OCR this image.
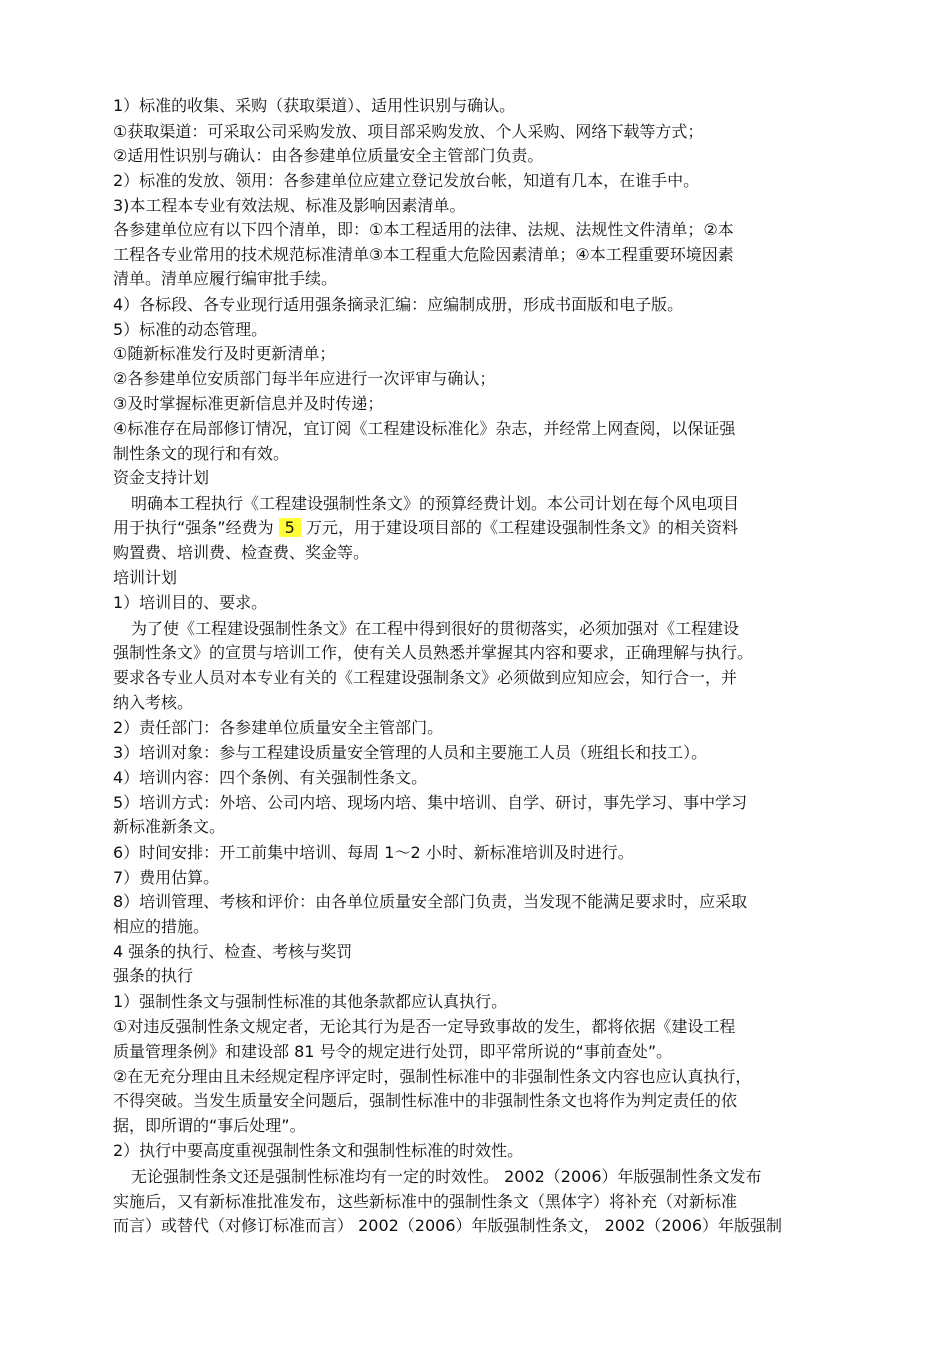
1）标准的收集、采购（获取渠道）、适用性识别与确认。
①获取渠道：可采取公司采购发放、项目部采购发放、个人采购、网络下载等方式；
②适用性识别与确认：由各参建单位质量安全主管部门负责。
2）标准的发放、领用：各参建单位应建立登记发放台帐，知道有几本，在谁手中。
3)本工程本专业有效法规、标准及影响因素清单。
各参建单位应有以下四个清单，即：①本工程适用的法律、法规、法规性文件清单；②本
工程各专业常用的技术规范标准清单③本工程重大危险因素清单；④本工程重要环境因素
清单。清单应履行编审批手续。
4）各标段、各专业现行适用强条摘录汇编：应编制成册，形成书面版和电子版。
5）标准的动态管理。
①随新标准发行及时更新清单；
②各参建单位安质部门每半年应进行一次评审与确认；
③及时掌握标准更新信息并及时传递；
④标准存在局部修订情况，宜订阅《工程建设标准化》杂志，并经常上网查阅，以保证强
制性条文的现行和有效。
资金支持计划
明确本工程执行《工程建设强制性条文》的预算经费计划。本公司计划在每个风电项目
用于执行“强条”经费为 5 万元，用于建设项目部的《工程建设强制性条文》的相关资料
购置费、培训费、检查费、奖金等。
培训计划
1）培训目的、要求。
为了使《工程建设强制性条文》在工程中得到很好的贯彻落实，必须加强对《工程建设
强制性条文》的宣贯与培训工作，使有关人员熟悉并掌握其内容和要求，正确理解与执行。
要求各专业人员对本专业有关的《工程建设强制条文》必须做到应知应会，知行合一，并
纳入考核。
2）责任部门：各参建单位质量安全主管部门。
3）培训对象：参与工程建设质量安全管理的人员和主要施工人员（班组长和技工）。
4）培训内容：四个条例、有关强制性条文。
5）培训方式：外培、公司内培、现场内培、集中培训、自学、研讨，事先学习、事中学习
新标准新条文。
6）时间安排：开工前集中培训、每周 1～2 小时、新标准培训及时进行。
7）费用估算。
8）培训管理、考核和评价：由各单位质量安全部门负责，当发现不能满足要求时，应采取
相应的措施。
4 强条的执行、检查、考核与奖罚
强条的执行
1）强制性条文与强制性标准的其他条款都应认真执行。
①对违反强制性条文规定者，无论其行为是否一定导致事故的发生，都将依据《建设工程
质量管理条例》和建设部 81 号令的规定进行处罚，即平常所说的“事前查处”。
②在无充分理由且未经规定程序评定时，强制性标准中的非强制性条文内容也应认真执行，
不得突破。当发生质量安全问题后，强制性标准中的非强制性条文也将作为判定责任的依
据，即所谓的“事后处理”。
2）执行中要高度重视强制性条文和强制性标准的时效性。
无论强制性条文还是强制性标准均有一定的时效性。 2002（2006）年版强制性条文发布
实施后，又有新标准批准发布，这些新标准中的强制性条文（黑体字）将补充（对新标准
而言）或替代（对修订标准而言） 2002（2006）年版强制性条文， 2002（2006）年版强制
